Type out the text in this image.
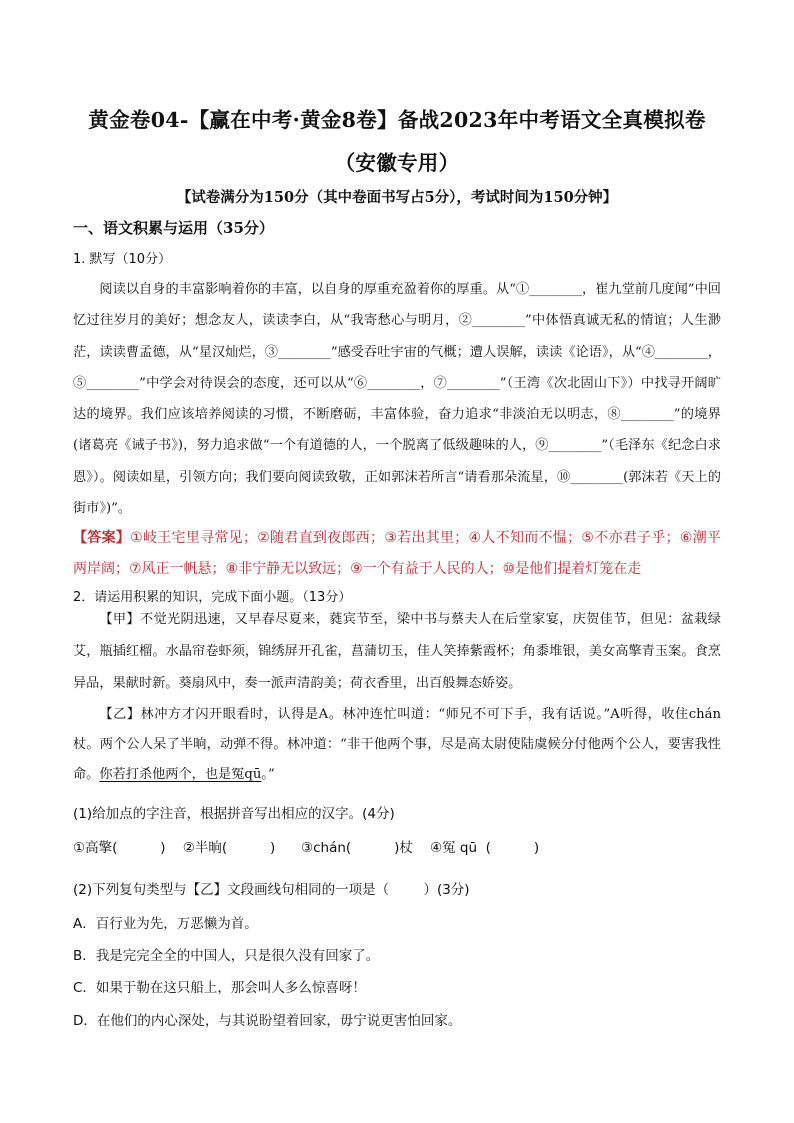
黄金卷04-【赢在中考·黄金8卷】备战2023年中考语文全真模拟卷
（安徽专用）
【试卷满分为150分（其中卷面书写占5分），考试时间为150分钟】
一、语文积累与运用（35分）
1. 默写（10分）
阅读以自身的丰富影响着你的丰富，以自身的厚重充盈着你的厚重。从“①________，崔九堂前几度闻”中回忆过往岁月的美好；想念友人，读读李白，从“我寄愁心与明月，②________”中体悟真诚无私的情谊；人生渺茫，读读曹孟德，从“星汉灿烂，③________”感受吞吐宇宙的气概；遭人误解，读读《论语》，从“④________，⑤________”中学会对待误会的态度，还可以从“⑥________，⑦________”（王湾《次北固山下》）中找寻开阔旷达的境界。我们应该培养阅读的习惯，不断磨砺，丰富体验，奋力追求“非淡泊无以明志，⑧________”的境界(诸葛亮《诫子书》)，努力追求做“一个有道德的人，一个脱离了低级趣味的人，⑨________”（毛泽东《纪念白求恩》）。阅读如星，引领方向；我们要向阅读致敬，正如郭沫若所言“请看那朵流星，⑩________(郭沫若《天上的街市》)”。
【答案】①岐王宅里寻常见；②随君直到夜郎西；③若出其里；④人不知而不愠；⑤不亦君子乎；⑥潮平两岸阔；⑦风正一帆悬；⑧非宁静无以致远；⑨一个有益于人民的人；⑩是他们提着灯笼在走
2．请运用积累的知识，完成下面小题。（13分）
【甲】不觉光阴迅速，又早春尽夏来，蕤宾节至，梁中书与蔡夫人在后堂家宴，庆贺佳节，但见：盆栽绿艾，瓶插红榴。水晶帘卷虾须，锦绣屏开孔雀，菖蒲切玉，佳人笑捧紫霞杯；角黍堆银，美女高擎青玉案。食烹异品，果献时新。葵扇风中，奏一派声清韵美；荷衣香里，出百般舞态娇姿。
【乙】林冲方才闪开眼看时，认得是A。林冲连忙叫道：“师兄不可下手，我有话说。”A听得，收住chán杖。两个公人呆了半晌，动弹不得。林冲道：“非干他两个事，尽是高太尉使陆虞候分付他两个公人，要害我性命。你若打杀他两个，也是冤qū。”
(1)给加点的字注音，根据拼音写出相应的汉字。(4分)
①高擎(          )    ②半晌(          )      ③chán(          )杖    ④冤 qū  (          )
(2)下列复句类型与【乙】文段画线句相同的一项是（        ）(3分)
A．百行业为先，万恶懒为首。
B．我是完完全全的中国人，只是很久没有回家了。
C．如果于勒在这只船上，那会叫人多么惊喜呀！
D．在他们的内心深处，与其说盼望着回家，毋宁说更害怕回家。
